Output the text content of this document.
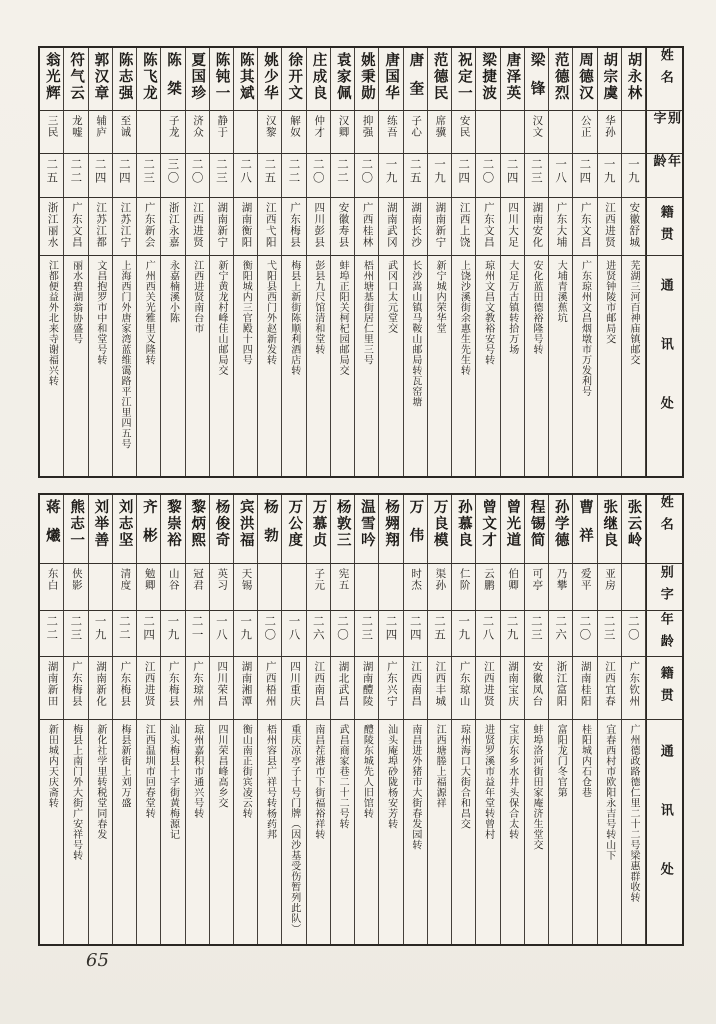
姓名
胡永林
胡宗虞
周德汉
范德烈
梁锋
唐泽英
梁捷波
祝定一
范德民
唐奎
唐国华
姚秉勋
袁家佩
庄成良
徐开文
姚少华
陈其斌
陈钝一
夏国珍
陈桀
陈飞龙
陈志强
郭汉章
符气云
翁光辉
别字
华孙
公正
汉文
安民
席骥
子心
练吾
抑强
汉卿
仲才
解奴
汉黎
静于
济众
子龙
至诚
辅庐
龙嘘
三民
年龄
一九
一九
二四
一八
二三
二四
二〇
二四
一九
二五
一九
二〇
二二
二〇
二二
二五
二八
二三
二〇
三〇
二三
二四
二四
二二
二五
籍贯
安徽舒城
江西进贤
广东文昌
广东大埔
湖南安化
四川大足
广东文昌
江西上饶
湖南新宁
湖南长沙
湖南武冈
广西桂林
安徽寿县
四川彭县
广东梅县
江西弋阳
湖南衡阳
湖南新宁
江西进贤
浙江永嘉
广东新会
江苏江宁
江苏江都
广东文昌
浙江丽水
通讯处
芜湖三河百神庙镇邮交
进贤钟陵市邮局交
广东琼州文昌烟墩市万发利号
大埔青溪蕉坑
安化蓝田德裕隆号转
大足万古镇转拾万场
琼州文昌文教裕安号转
上饶沙溪街余惠生先生转
新宁城内荣华堂
长沙嵩山镇马鞍山邮局转瓦窑塘
武冈口太元堂交
梧州塘基街居仁里三号
蚌埠正阳关柯杞园邮局交
彭县九尺馆清和堂转
梅县上新街陈顺利酒店转
弋阳县西门外赵新发转
衡阳城内三官殿十四号
新宁黄龙村峰佳山邮局交
江西进贤南台市
永嘉楠溪小陈
广州西关光雅里义隆转
上海西门外唐家湾蓝维霭路平江里四五号
文昌抱罗市中和堂号转
丽水碧湖翁协盛号
江都便益外北来寺谢福兴转
姓名
张云岭
张继良
曹祥
孙学德
程锡简
曾光道
曾文才
孙慕良
万良模
万伟
杨翙翔
温雪吟
杨敦三
万慕贞
万公度
杨勃
宾洪福
杨俊奇
黎炳熙
黎崇裕
齐彬
刘志坚
刘举善
熊志一
蒋爔
别字
亚房
爱平
乃攀
可亭
伯卿
云鹏
仁阶
渠孙
时杰
宪五
子元
天锡
英习
冠君
山谷
勉卿
清度
侠影
东白
年龄
二〇
二三
二〇
二六
二三
二九
二八
一九
二五
二四
二四
二三
二〇
二六
一八
二〇
一九
一八
二一
一九
二四
二二
一九
二三
二二
籍贯
广东钦州
江西宜春
湖南桂阳
浙江富阳
安徽凤台
湖南宝庆
江西进贤
广东琼山
江西丰城
江西南昌
广东兴宁
湖南醴陵
湖北武昌
江西南昌
四川重庆
广西梧州
湖南湘潭
四川荣昌
广东琼州
广东梅县
江西进贤
广东梅县
湖南新化
广东梅县
湖南新田
通讯处
广州德政路德仁里二十二号梁惠群收转
宜春西村市欧阳永吉号转山下
桂阳城内石仓巷
富阳龙门冬官第
蚌埠洛河街田家庵济生堂交
宝庆东乡水井头保合太转
进贤罗溪市益年堂转曾村
琼州海口大街合和昌交
江西塘塍上福源祥
南昌进外猪市大街春发园转
汕头庵埠砂陇杨安芳转
醴陵东城先人旧馆转
武昌商家巷二十二号转
南昌茬港市下街福裕祥转
重庆凉亭子十号门牌（因沙基受伤暂列此队）
梧州容县广祥号转杨药邦
衡山南正街宾凌云转
四川荣昌峰高乡交
琼州嘉积市通兴号转
汕头梅县十字街黄梅源记
江西温圳市回春堂转
梅县新街上刘万盛
新化社学里转税堂同春发
梅县上南门外大街广安祥号转
新田城内天庆斋转
65
